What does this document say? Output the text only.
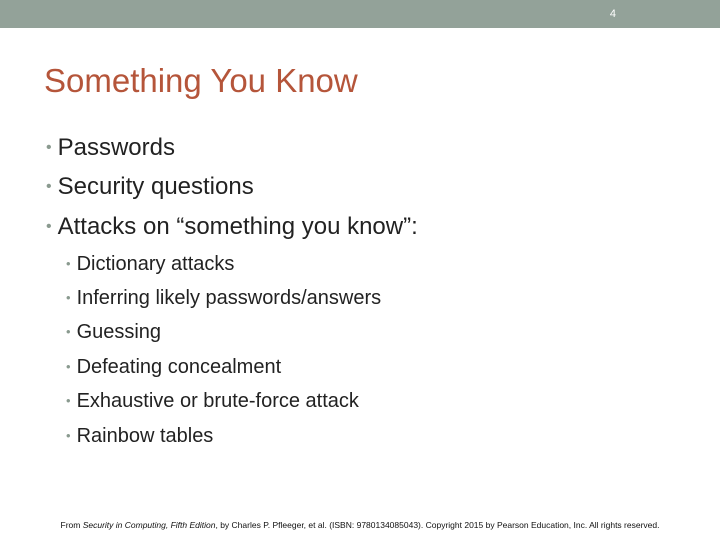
4
Something You Know
• Passwords
• Security questions
• Attacks on “something you know”:
• Dictionary attacks
• Inferring likely passwords/answers
• Guessing
• Defeating concealment
• Exhaustive or brute-force attack
• Rainbow tables
From Security in Computing, Fifth Edition, by Charles P. Pfleeger, et al. (ISBN: 9780134085043). Copyright 2015 by Pearson Education, Inc. All rights reserved.
